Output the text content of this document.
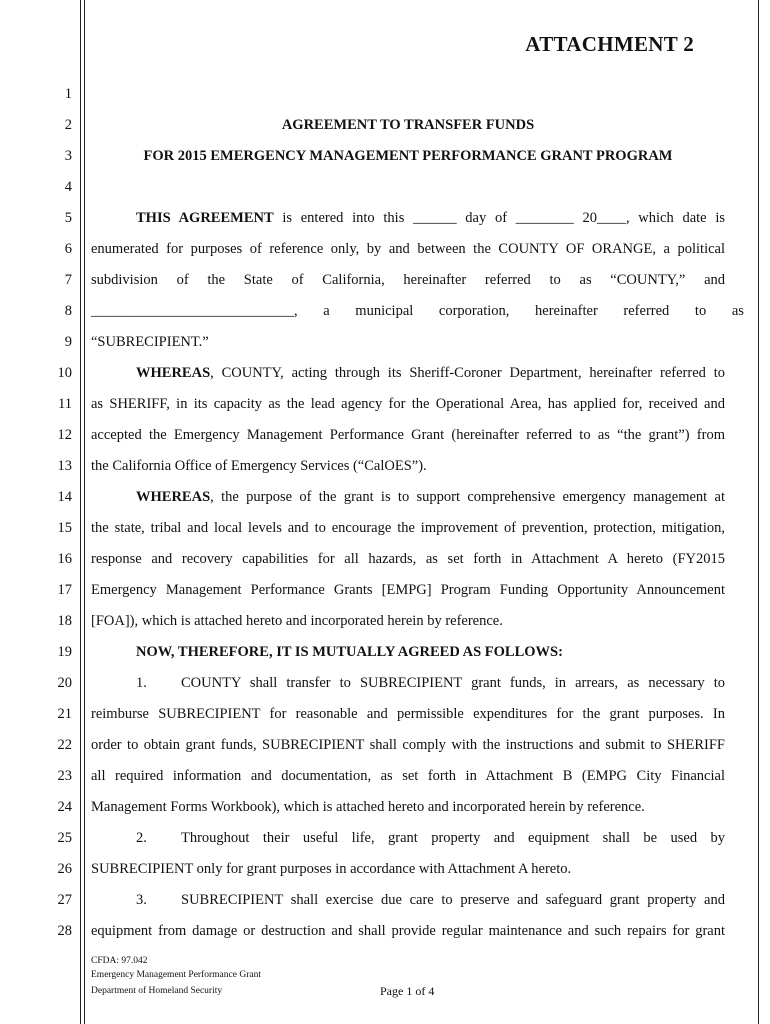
ATTACHMENT 2
1
2
3
4
5
6
7
8
9
10
11
12
13
14
15
16
17
18
19
20
21
22
23
24
25
26
27
28
AGREEMENT TO TRANSFER FUNDS
FOR 2015 EMERGENCY MANAGEMENT PERFORMANCE GRANT PROGRAM
THIS AGREEMENT is entered into this ______ day of ________ 20____, which date is
enumerated for purposes of reference only, by and between the COUNTY OF ORANGE, a political
subdivision of the State of California, hereinafter referred to as “COUNTY,” and
____________________________, a municipal corporation, hereinafter referred to as
“SUBRECIPIENT.”
WHEREAS, COUNTY, acting through its Sheriff-Coroner Department, hereinafter referred to
as SHERIFF, in its capacity as the lead agency for the Operational Area, has applied for, received and
accepted the Emergency Management Performance Grant (hereinafter referred to as “the grant”) from
the California Office of Emergency Services (“CalOES”).
WHEREAS, the purpose of the grant is to support comprehensive emergency management at
the state, tribal and local levels and to encourage the improvement of prevention, protection, mitigation,
response and recovery capabilities for all hazards, as set forth in Attachment A hereto (FY2015
Emergency Management Performance Grants [EMPG] Program Funding Opportunity Announcement
[FOA]), which is attached hereto and incorporated herein by reference.
NOW, THEREFORE, IT IS MUTUALLY AGREED AS FOLLOWS:
1. COUNTY shall transfer to SUBRECIPIENT grant funds, in arrears, as necessary to
reimburse SUBRECIPIENT for reasonable and permissible expenditures for the grant purposes. In
order to obtain grant funds, SUBRECIPIENT shall comply with the instructions and submit to SHERIFF
all required information and documentation, as set forth in Attachment B (EMPG City Financial
Management Forms Workbook), which is attached hereto and incorporated herein by reference.
2. Throughout their useful life, grant property and equipment shall be used by
SUBRECIPIENT only for grant purposes in accordance with Attachment A hereto.
3. SUBRECIPIENT shall exercise due care to preserve and safeguard grant property and
equipment from damage or destruction and shall provide regular maintenance and such repairs for grant
CFDA: 97.042
Emergency Management Performance Grant
Department of Homeland Security	Page 1 of 4
